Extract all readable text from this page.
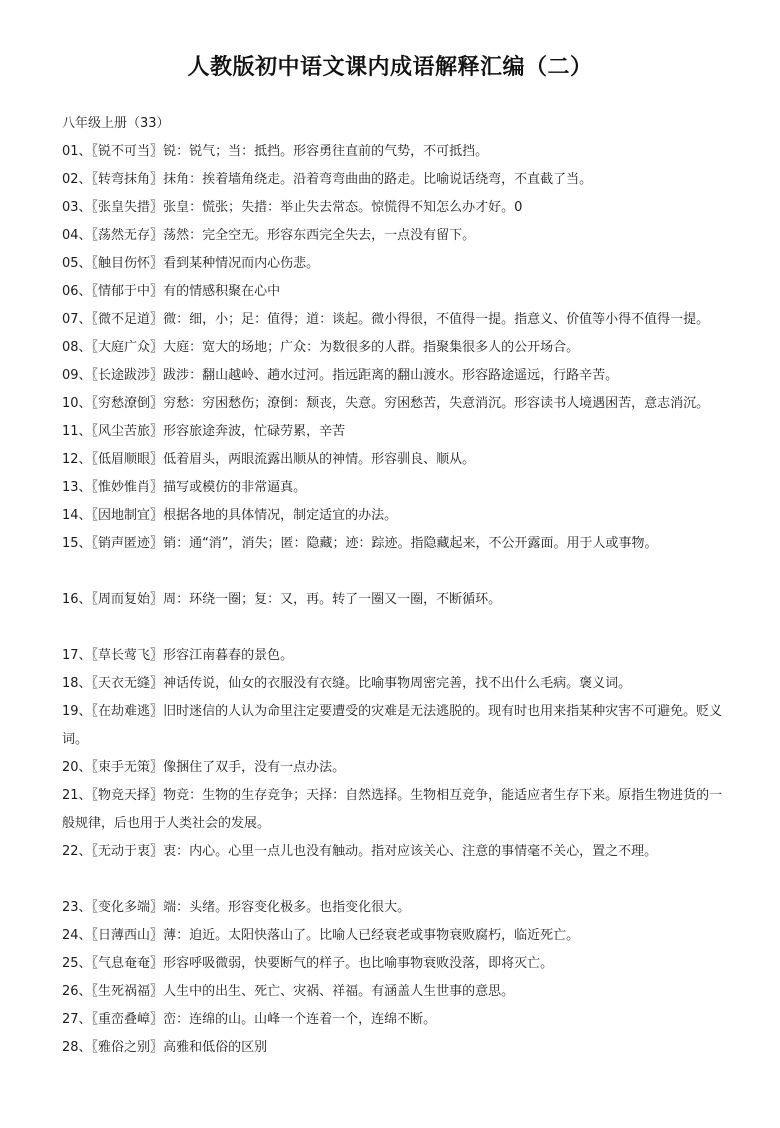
人教版初中语文课内成语解释汇编（二）
八年级上册（33）
01、〖锐不可当〗锐：锐气；当：抵挡。形容勇往直前的气势，不可抵挡。
02、〖转弯抹角〗抹角：挨着墙角绕走。沿着弯弯曲曲的路走。比喻说话绕弯，不直截了当。
03、〖张皇失措〗张皇：慌张；失措：举止失去常态。惊慌得不知怎么办才好。0
04、〖荡然无存〗荡然：完全空无。形容东西完全失去，一点没有留下。
05、〖触目伤怀〗看到某种情况而内心伤悲。
06、〖情郁于中〗有的情感积聚在心中
07、〖微不足道〗微：细，小；足：值得；道：谈起。微小得很，不值得一提。指意义、价值等小得不值得一提。
08、〖大庭广众〗大庭：宽大的场地；广众：为数很多的人群。指聚集很多人的公开场合。
09、〖长途跋涉〗跋涉：翻山越岭、趟水过河。指远距离的翻山渡水。形容路途遥远，行路辛苦。
10、〖穷愁潦倒〗穷愁：穷困愁伤；潦倒：颓丧，失意。穷困愁苦，失意消沉。形容读书人境遇困苦，意志消沉。
11、〖风尘苦旅〗形容旅途奔波，忙碌劳累，辛苦
12、〖低眉顺眼〗低着眉头，两眼流露出顺从的神情。形容驯良、顺从。
13、〖惟妙惟肖〗描写或模仿的非常逼真。
14、〖因地制宜〗根据各地的具体情况，制定适宜的办法。
15、〖销声匿迹〗销：通“消”，消失；匿：隐藏；迹：踪迹。指隐藏起来，不公开露面。用于人或事物。
16、〖周而复始〗周：环绕一圈；复：又，再。转了一圈又一圈，不断循环。
17、〖草长莺飞〗形容江南暮春的景色。
18、〖天衣无缝〗神话传说，仙女的衣服没有衣缝。比喻事物周密完善，找不出什么毛病。褒义词。
19、〖在劫难逃〗旧时迷信的人认为命里注定要遭受的灾难是无法逃脱的。现有时也用来指某种灾害不可避免。贬义词。
20、〖束手无策〗像捆住了双手，没有一点办法。
21、〖物竞天择〗物竞：生物的生存竞争；天择：自然选择。生物相互竞争，能适应者生存下来。原指生物进货的一般规律，后也用于人类社会的发展。
22、〖无动于衷〗衷：内心。心里一点儿也没有触动。指对应该关心、注意的事情毫不关心，置之不理。
23、〖变化多端〗端：头绪。形容变化极多。也指变化很大。
24、〖日薄西山〗薄：迫近。太阳快落山了。比喻人已经衰老或事物衰败腐朽，临近死亡。
25、〖气息奄奄〗形容呼吸微弱，快要断气的样子。也比喻事物衰败没落，即将灭亡。
26、〖生死祸福〗人生中的出生、死亡、灾祸、祥福。有涵盖人生世事的意思。
27、〖重峦叠嶂〗峦：连绵的山。山峰一个连着一个，连绵不断。
28、〖雅俗之别〗高雅和低俗的区别
